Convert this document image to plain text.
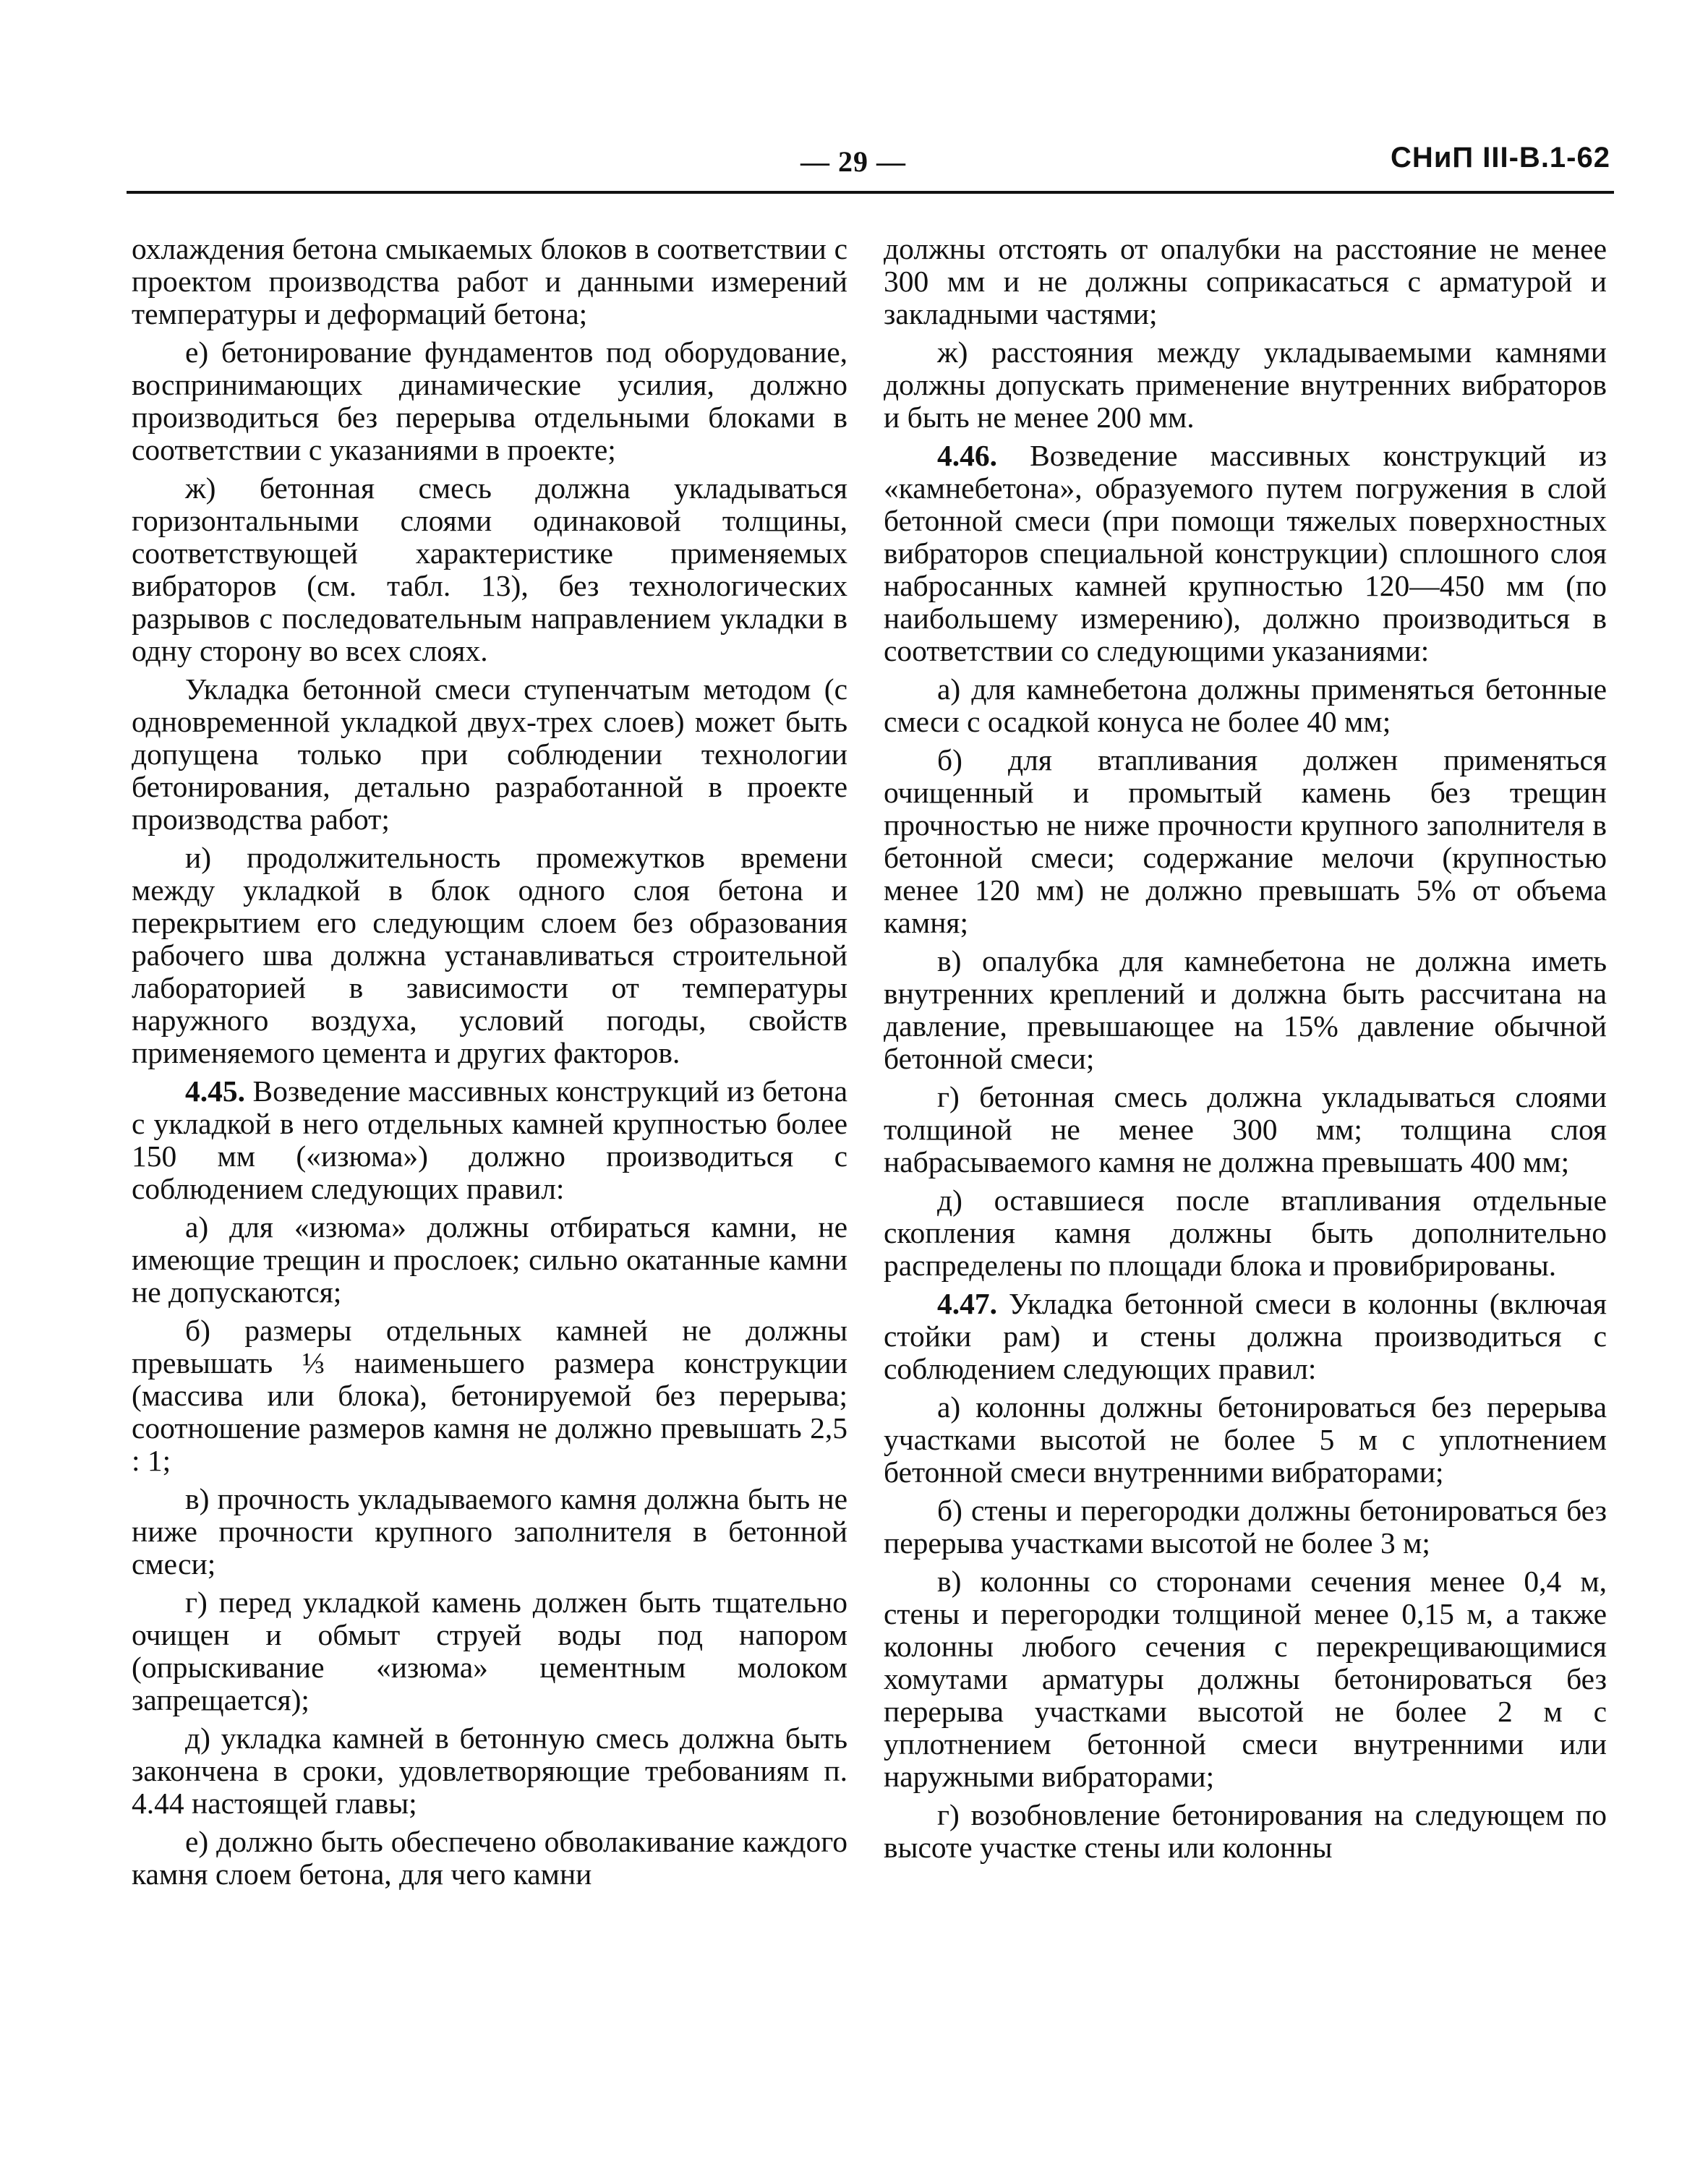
— 29 —	СНиП III-В.1-62

охлаждения бетона смыкаемых блоков в соответствии с проектом производства работ и данными измерений температуры и деформаций бетона;

е) бетонирование фундаментов под оборудование, воспринимающих динамические усилия, должно производиться без перерыва отдельными блоками в соответствии с указаниями в проекте;

ж) бетонная смесь должна укладываться горизонтальными слоями одинаковой толщины, соответствующей характеристике применяемых вибраторов (см. табл. 13), без технологических разрывов с последовательным направлением укладки в одну сторону во всех слоях.

Укладка бетонной смеси ступенчатым методом (с одновременной укладкой двух-трех слоев) может быть допущена только при соблюдении технологии бетонирования, детально разработанной в проекте производства работ;

и) продолжительность промежутков времени между укладкой в блок одного слоя бетона и перекрытием его следующим слоем без образования рабочего шва должна устанавливаться строительной лабораторией в зависимости от температуры наружного воздуха, условий погоды, свойств применяемого цемента и других факторов.

4.45. Возведение массивных конструкций из бетона с укладкой в него отдельных камней крупностью более 150 мм («изюма») должно производиться с соблюдением следующих правил:

а) для «изюма» должны отбираться камни, не имеющие трещин и прослоек; сильно окатанные камни не допускаются;

б) размеры отдельных камней не должны превышать ⅓ наименьшего размера конструкции (массива или блока), бетонируемой без перерыва; соотношение размеров камня не должно превышать 2,5 : 1;

в) прочность укладываемого камня должна быть не ниже прочности крупного заполнителя в бетонной смеси;

г) перед укладкой камень должен быть тщательно очищен и обмыт струей воды под напором (опрыскивание «изюма» цементным молоком запрещается);

д) укладка камней в бетонную смесь должна быть закончена в сроки, удовлетворяющие требованиям п. 4.44 настоящей главы;

е) должно быть обеспечено обволакивание каждого камня слоем бетона, для чего камни

должны отстоять от опалубки на расстояние не менее 300 мм и не должны соприкасаться с арматурой и закладными частями;

ж) расстояния между укладываемыми камнями должны допускать применение внутренних вибраторов и быть не менее 200 мм.

4.46. Возведение массивных конструкций из «камнебетона», образуемого путем погружения в слой бетонной смеси (при помощи тяжелых поверхностных вибраторов специальной конструкции) сплошного слоя набросанных камней крупностью 120—450 мм (по наибольшему измерению), должно производиться в соответствии со следующими указаниями:

а) для камнебетона должны применяться бетонные смеси с осадкой конуса не более 40 мм;

б) для втапливания должен применяться очищенный и промытый камень без трещин прочностью не ниже прочности крупного заполнителя в бетонной смеси; содержание мелочи (крупностью менее 120 мм) не должно превышать 5% от объема камня;

в) опалубка для камнебетона не должна иметь внутренних креплений и должна быть рассчитана на давление, превышающее на 15% давление обычной бетонной смеси;

г) бетонная смесь должна укладываться слоями толщиной не менее 300 мм; толщина слоя набрасываемого камня не должна превышать 400 мм;

д) оставшиеся после втапливания отдельные скопления камня должны быть дополнительно распределены по площади блока и провибрированы.

4.47. Укладка бетонной смеси в колонны (включая стойки рам) и стены должна производиться с соблюдением следующих правил:

а) колонны должны бетонироваться без перерыва участками высотой не более 5 м с уплотнением бетонной смеси внутренними вибраторами;

б) стены и перегородки должны бетонироваться без перерыва участками высотой не более 3 м;

в) колонны со сторонами сечения менее 0,4 м, стены и перегородки толщиной менее 0,15 м, а также колонны любого сечения с перекрещивающимися хомутами арматуры должны бетонироваться без перерыва участками высотой не более 2 м с уплотнением бетонной смеси внутренними или наружными вибраторами;

г) возобновление бетонирования на следующем по высоте участке стены или колонны
